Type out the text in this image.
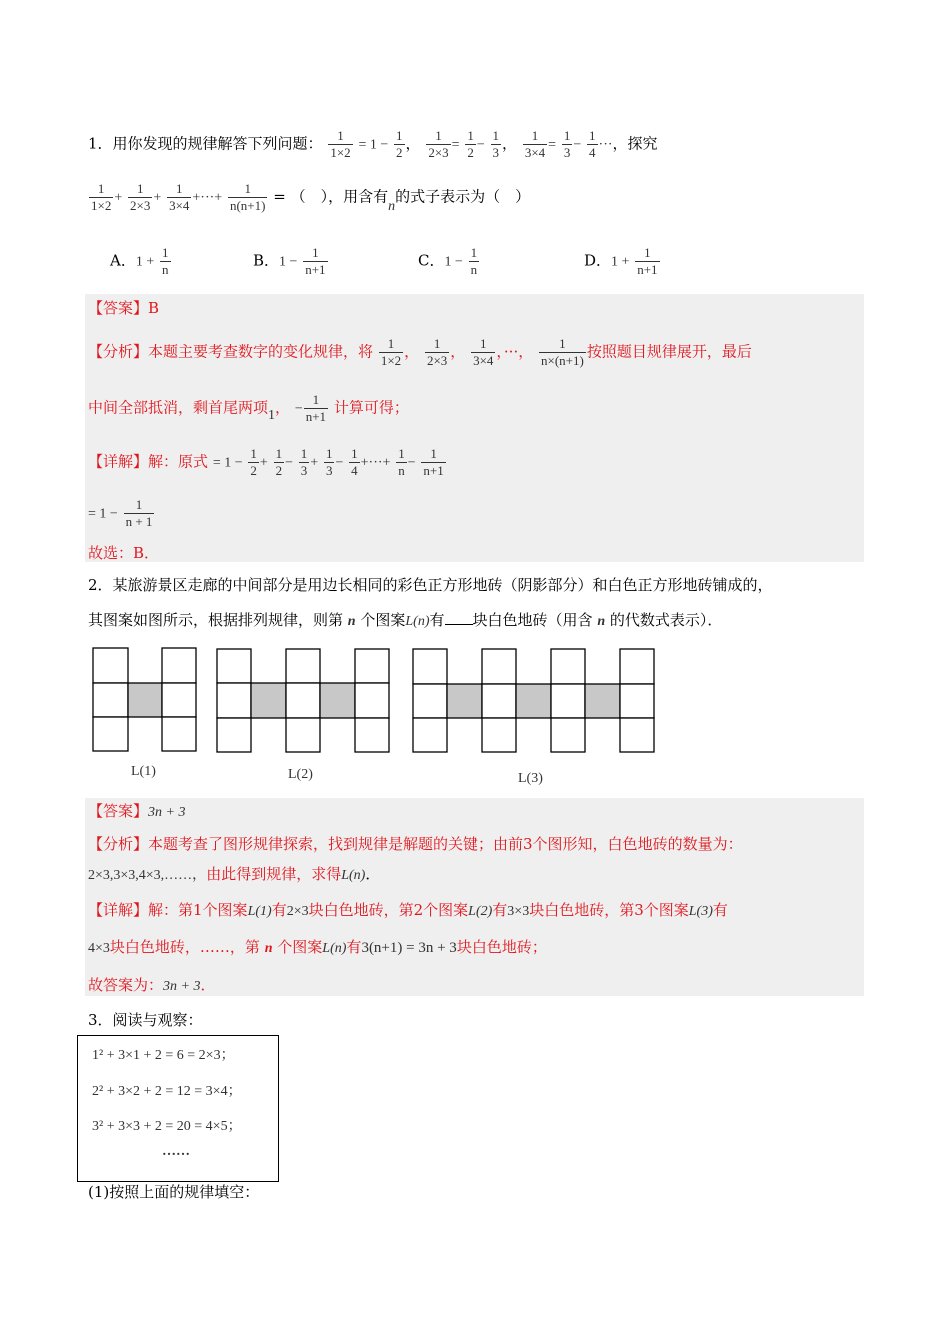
1．用你发现的规律解答下列问题： $\frac{1}{1\times 2} = 1 - \frac{1}{2}$ ， $\frac{1}{2\times 3} = \frac{1}{2} - \frac{1}{3}$ ， $\frac{1}{3\times 4} = \frac{1}{3} - \frac{1}{4}$ ···，探究
$\frac{1}{1\times 2} + \frac{1}{2\times 3} + \frac{1}{3\times 4}$ +···+ $\frac{1}{n(n+1)}$ = （　），用含有n的式子表示为（　）
A．$1 + \frac{1}{n}$	B．$1 - \frac{1}{n+1}$	C．$1 - \frac{1}{n}$	D．$1 + \frac{1}{n+1}$
【答案】B
【分析】本题主要考查数字的变化规律，将 $\frac{1}{1\times 2}$ ， $\frac{1}{2\times 3}$ ， $\frac{1}{3\times 4}$ ，···， $\frac{1}{n\times(n+1)}$ 按照题目规律展开，最后
中间全部抵消，剩首尾两项1， − $\frac{1}{n+1}$ 计算可得；
【详解】解：原式 = $1 - \frac{1}{2} + \frac{1}{2} - \frac{1}{3} + \frac{1}{3} - \frac{1}{4}$ +···+ $\frac{1}{n} - \frac{1}{n+1}$
= $1 - \frac{1}{n + 1}$
故选：B．
2．某旅游景区走廊的中间部分是用边长相同的彩色正方形地砖（阴影部分）和白色正方形地砖铺成的，
其图案如图所示，根据排列规律，则第 n 个图案L(n)有 块白色地砖（用含 n 的代数式表示）．
L(1)	L(2)	L(3)
【答案】3n + 3
【分析】本题考查了图形规律探索，找到规律是解题的关键；由前3个图形知，白色地砖的数量为：
2×3,3×3,4×3,……，由此得到规律，求得L(n)．
【详解】解：第1个图案L(1)有2×3块白色地砖，第2个图案L(2)有3×3块白色地砖，第3个图案L(3)有
4×3块白色地砖，……，第 n 个图案L(n)有3(n+1) = 3n + 3块白色地砖；
故答案为：3n + 3．
3．阅读与观察：
1² + 3×1 + 2 = 6 = 2×3；
2² + 3×2 + 2 = 12 = 3×4；
3² + 3×3 + 2 = 20 = 4×5；
……
(1)按照上面的规律填空：
